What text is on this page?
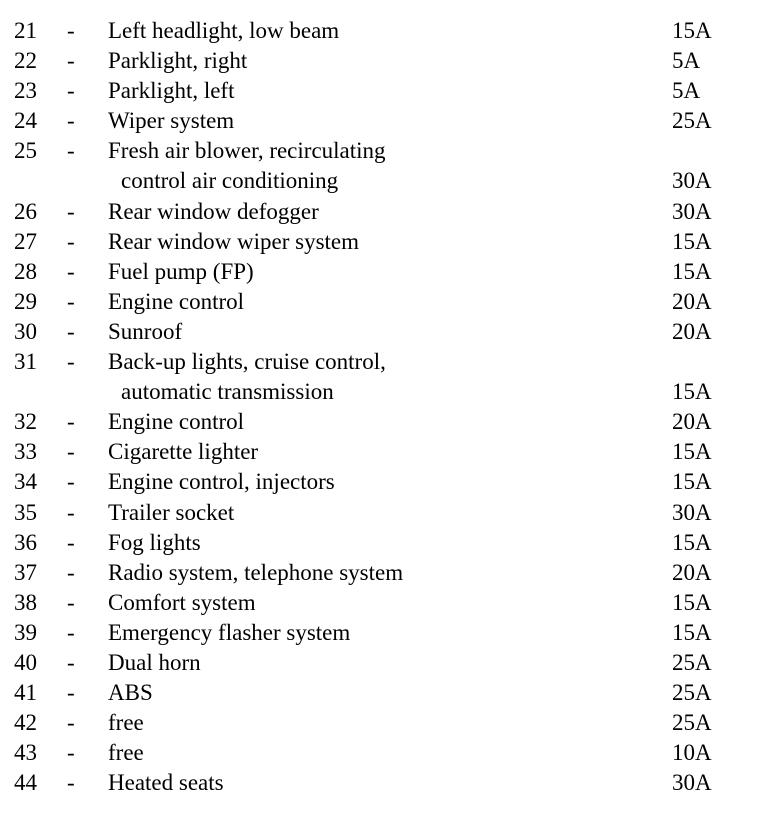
21 - Left headlight, low beam	15A
22 - Parklight, right	5A
23 - Parklight, left	5A
24 - Wiper system	25A
25 - Fresh air blower, recirculating
control air conditioning	30A
26 - Rear window defogger	30A
27 - Rear window wiper system	15A
28 - Fuel pump (FP)	15A
29 - Engine control	20A
30 - Sunroof	20A
31 - Back-up lights, cruise control,
automatic transmission	15A
32 - Engine control	20A
33 - Cigarette lighter	15A
34 - Engine control, injectors	15A
35 - Trailer socket	30A
36 - Fog lights	15A
37 - Radio system, telephone system	20A
38 - Comfort system	15A
39 - Emergency flasher system	15A
40 - Dual horn	25A
41 - ABS	25A
42 - free	25A
43 - free	10A
44 - Heated seats	30A
